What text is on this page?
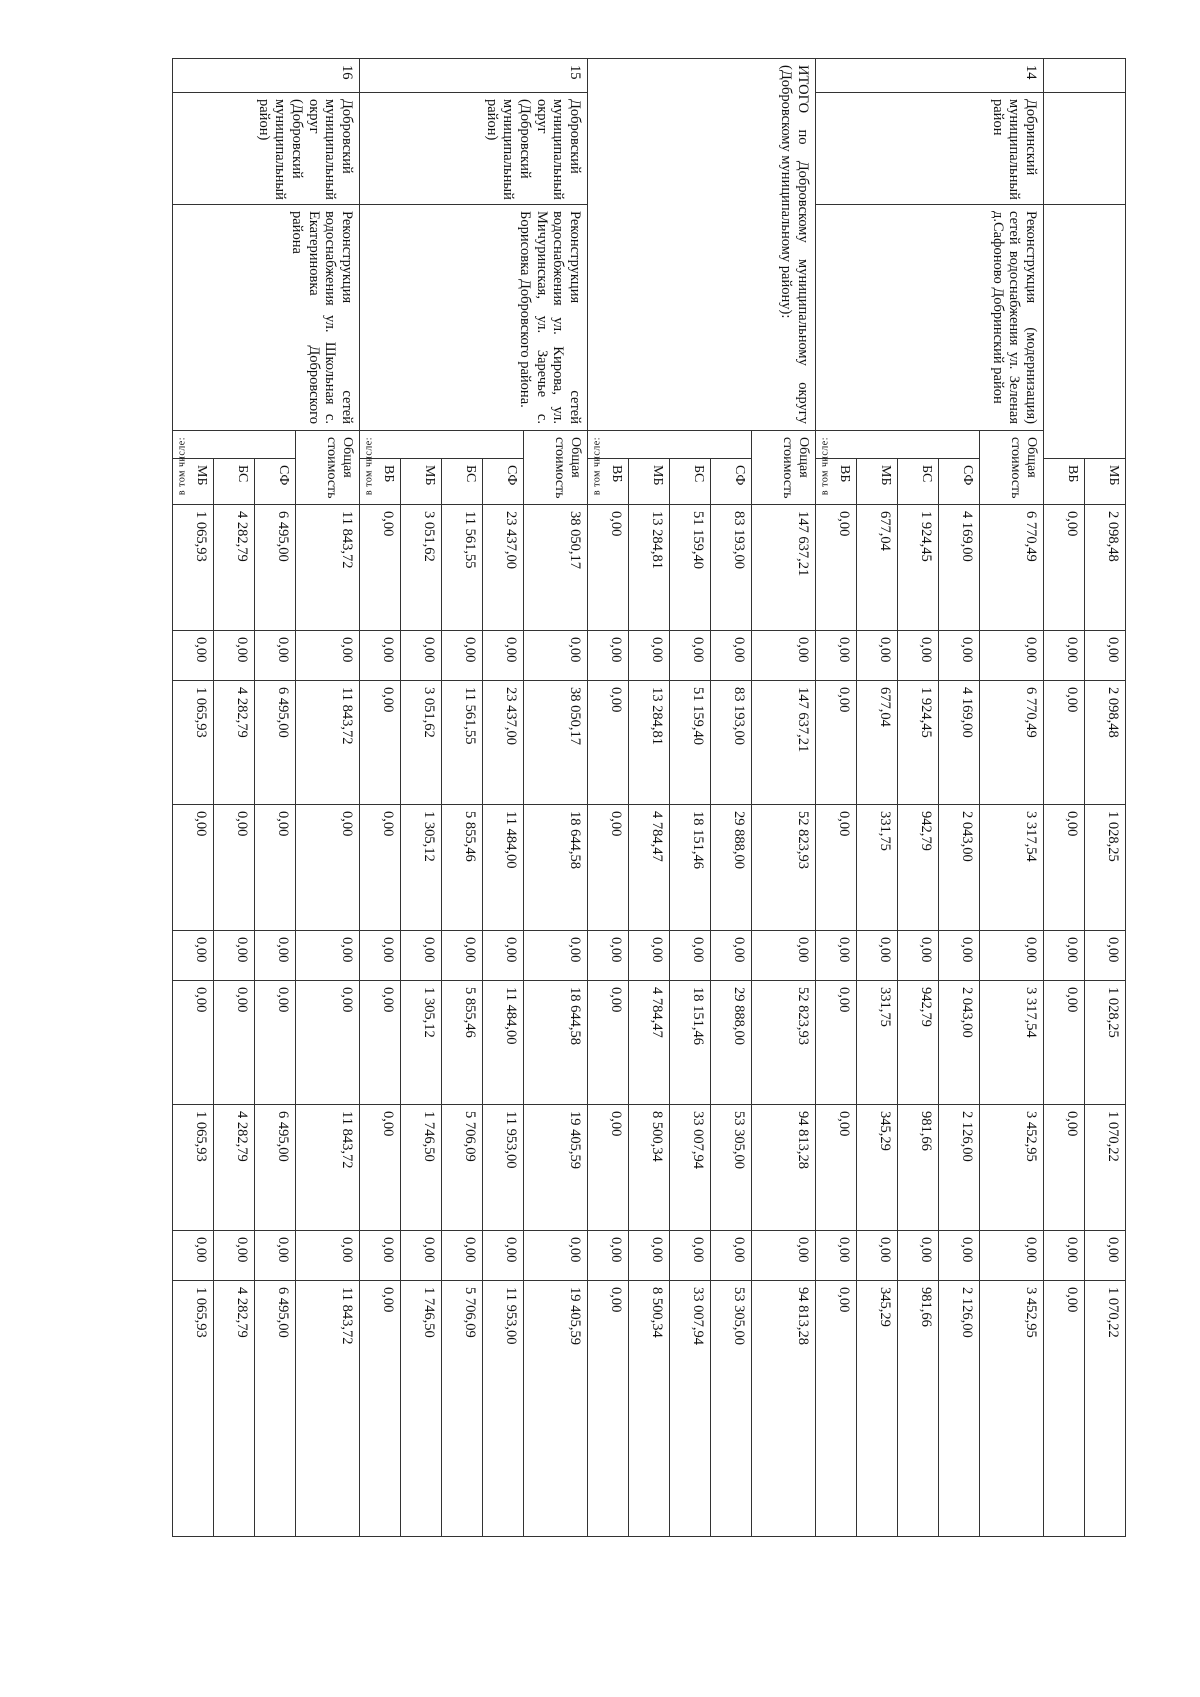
				МБ	2 098,48	0,00	2 098,48	1 028,25	0,00	1 028,25	1 070,22	0,00	1 070,22
				ВБ	0,00	0,00	0,00	0,00	0,00	0,00	0,00	0,00	0,00
14	Добринский муниципальный район	Реконструкция (модернизация) сетей водоснабжения ул. Зеленая д.Сафоново Добринский район	Общая стоимость		6 770,49	0,00	6 770,49	3 317,54	0,00	3 317,54	3 452,95	0,00	3 452,95
			в том числе:	СФ	4 169,00	0,00	4 169,00	2 043,00	0,00	2 043,00	2 126,00	0,00	2 126,00
				БС	1 924,45	0,00	1 924,45	942,79	0,00	942,79	981,66	0,00	981,66
				МБ	677,04	0,00	677,04	331,75	0,00	331,75	345,29	0,00	345,29
				ВБ	0,00	0,00	0,00	0,00	0,00	0,00	0,00	0,00	0,00
ИТОГО по Добровскому муниципальному округу (Добровскому муниципальному району):			Общая стоимость		147 637,21	0,00	147 637,21	52 823,93	0,00	52 823,93	94 813,28	0,00	94 813,28
			в том числе:	СФ	83 193,00	0,00	83 193,00	29 888,00	0,00	29 888,00	53 305,00	0,00	53 305,00
				БС	51 159,40	0,00	51 159,40	18 151,46	0,00	18 151,46	33 007,94	0,00	33 007,94
				МБ	13 284,81	0,00	13 284,81	4 784,47	0,00	4 784,47	8 500,34	0,00	8 500,34
				ВБ	0,00	0,00	0,00	0,00	0,00	0,00	0,00	0,00	0,00
15	Добровский муниципальный округ (Добровский муниципальный район)	Реконструкция сетей водоснабжения ул. Кирова, ул. Мичуринская, ул. Заречье с. Борисовка Добровского района.	Общая стоимость		38 050,17	0,00	38 050,17	18 644,58	0,00	18 644,58	19 405,59	0,00	19 405,59
			в том числе:	СФ	23 437,00	0,00	23 437,00	11 484,00	0,00	11 484,00	11 953,00	0,00	11 953,00
				БС	11 561,55	0,00	11 561,55	5 855,46	0,00	5 855,46	5 706,09	0,00	5 706,09
				МБ	3 051,62	0,00	3 051,62	1 305,12	0,00	1 305,12	1 746,50	0,00	1 746,50
				ВБ	0,00	0,00	0,00	0,00	0,00	0,00	0,00	0,00	0,00
16	Добровский муниципальный округ (Добровский муниципальный район)	Реконструкция сетей водоснабжения ул. Школьная с. Екатериновка Добровского района	Общая стоимость		11 843,72	0,00	11 843,72	0,00	0,00	0,00	11 843,72	0,00	11 843,72
			в том числе:	СФ	6 495,00	0,00	6 495,00	0,00	0,00	0,00	6 495,00	0,00	6 495,00
				БС	4 282,79	0,00	4 282,79	0,00	0,00	0,00	4 282,79	0,00	4 282,79
				МБ	1 065,93	0,00	1 065,93	0,00	0,00	0,00	1 065,93	0,00	1 065,93
